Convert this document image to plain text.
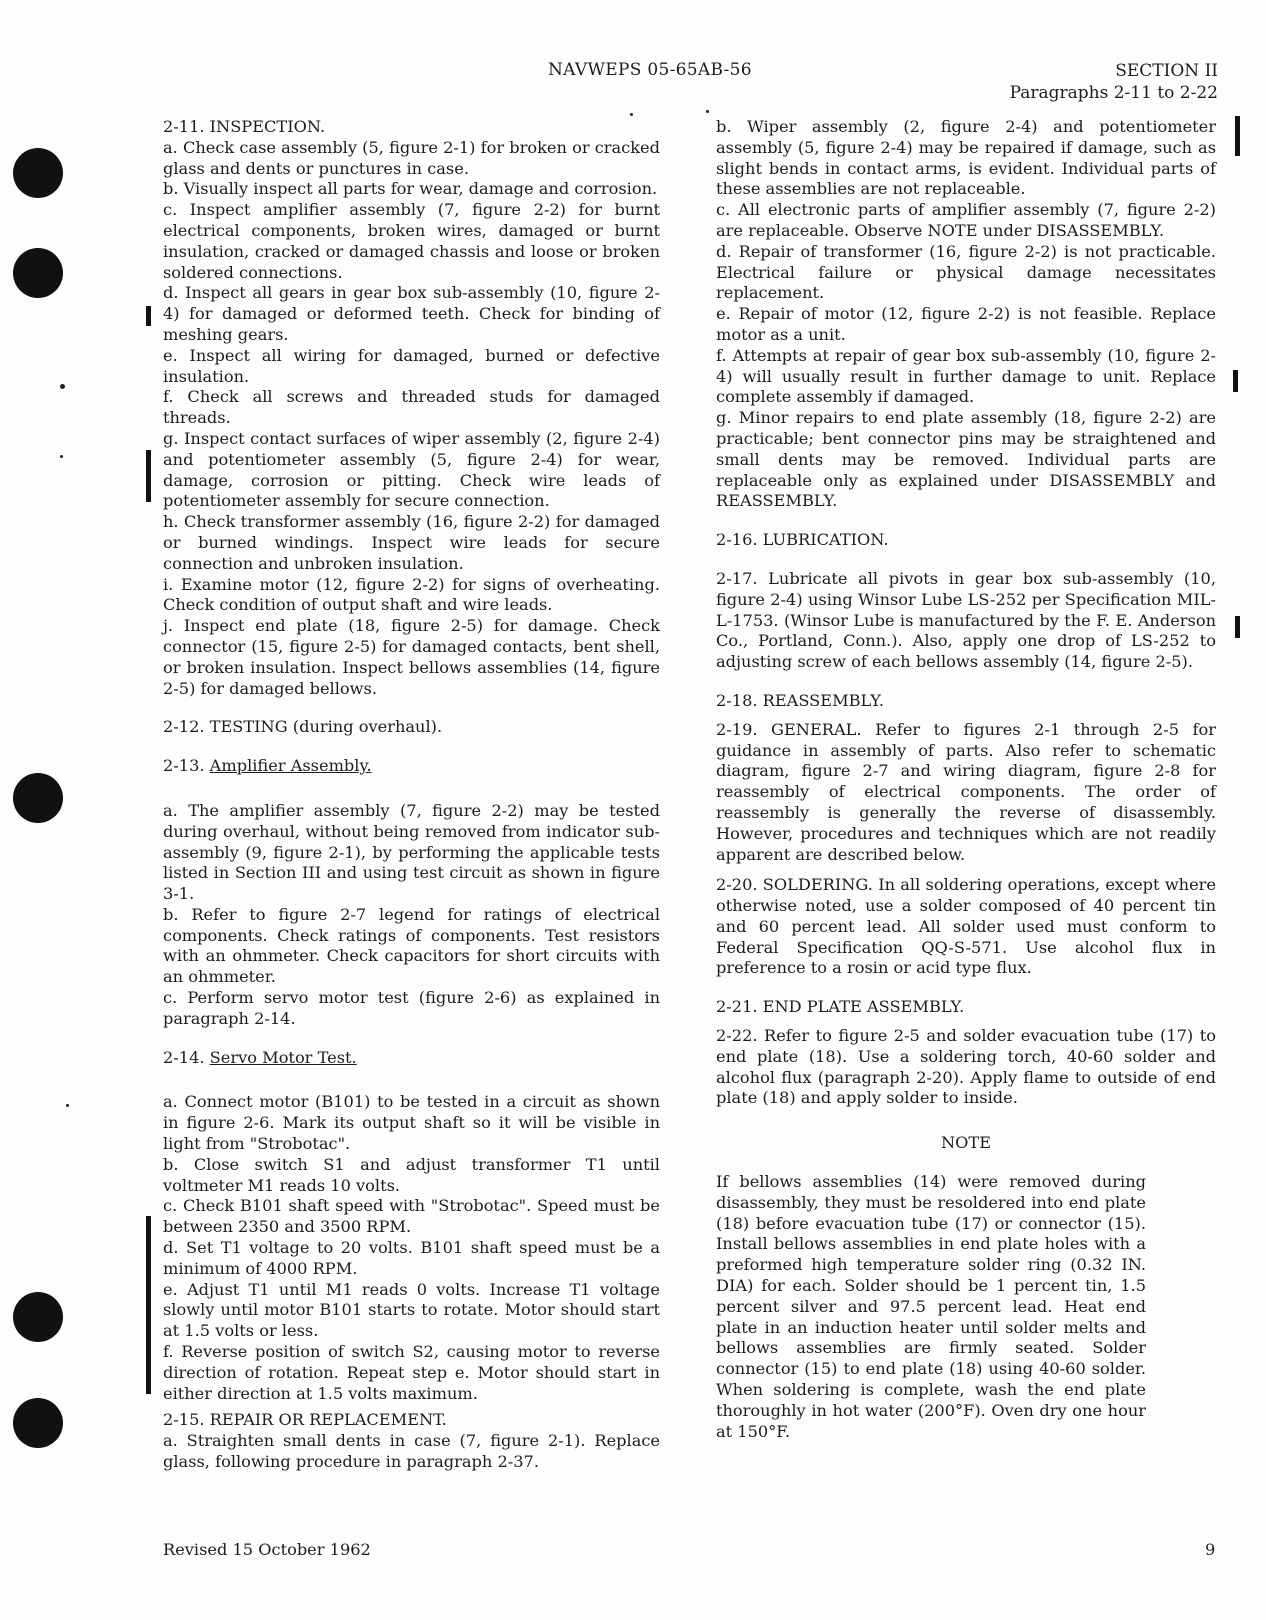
NAVWEPS 05-65AB-56	SECTION II
Paragraphs 2-11 to 2-22

2-11. INSPECTION.

a. Check case assembly (5, figure 2-1) for broken or cracked glass and dents or punctures in case.

b. Visually inspect all parts for wear, damage and corrosion.

c. Inspect amplifier assembly (7, figure 2-2) for burnt electrical components, broken wires, damaged or burnt insulation, cracked or damaged chassis and loose or broken soldered connections.

d. Inspect all gears in gear box sub-assembly (10, figure 2-4) for damaged or deformed teeth. Check for binding of meshing gears.

e. Inspect all wiring for damaged, burned or defective insulation.

f. Check all screws and threaded studs for damaged threads.

g. Inspect contact surfaces of wiper assembly (2, figure 2-4) and potentiometer assembly (5, figure 2-4) for wear, damage, corrosion or pitting. Check wire leads of potentiometer assembly for secure connection.

h. Check transformer assembly (16, figure 2-2) for damaged or burned windings. Inspect wire leads for secure connection and unbroken insulation.

i. Examine motor (12, figure 2-2) for signs of overheating. Check condition of output shaft and wire leads.

j. Inspect end plate (18, figure 2-5) for damage. Check connector (15, figure 2-5) for damaged contacts, bent shell, or broken insulation. Inspect bellows assemblies (14, figure 2-5) for damaged bellows.

2-12. TESTING (during overhaul).

2-13. Amplifier Assembly.

a. The amplifier assembly (7, figure 2-2) may be tested during overhaul, without being removed from indicator sub-assembly (9, figure 2-1), by performing the applicable tests listed in Section III and using test circuit as shown in figure 3-1.

b. Refer to figure 2-7 legend for ratings of electrical components. Check ratings of components. Test resistors with an ohmmeter. Check capacitors for short circuits with an ohmmeter.

c. Perform servo motor test (figure 2-6) as explained in paragraph 2-14.

2-14. Servo Motor Test.

a. Connect motor (B101) to be tested in a circuit as shown in figure 2-6. Mark its output shaft so it will be visible in light from "Strobotac".

b. Close switch S1 and adjust transformer T1 until voltmeter M1 reads 10 volts.

c. Check B101 shaft speed with "Strobotac". Speed must be between 2350 and 3500 RPM.

d. Set T1 voltage to 20 volts. B101 shaft speed must be a minimum of 4000 RPM.

e. Adjust T1 until M1 reads 0 volts. Increase T1 voltage slowly until motor B101 starts to rotate. Motor should start at 1.5 volts or less.

f. Reverse position of switch S2, causing motor to reverse direction of rotation. Repeat step e. Motor should start in either direction at 1.5 volts maximum.

2-15. REPAIR OR REPLACEMENT.

a. Straighten small dents in case (7, figure 2-1). Replace glass, following procedure in paragraph 2-37.

b. Wiper assembly (2, figure 2-4) and potentiometer assembly (5, figure 2-4) may be repaired if damage, such as slight bends in contact arms, is evident. Individual parts of these assemblies are not replaceable.

c. All electronic parts of amplifier assembly (7, figure 2-2) are replaceable. Observe NOTE under DISASSEMBLY.

d. Repair of transformer (16, figure 2-2) is not practicable. Electrical failure or physical damage necessitates replacement.

e. Repair of motor (12, figure 2-2) is not feasible. Replace motor as a unit.

f. Attempts at repair of gear box sub-assembly (10, figure 2-4) will usually result in further damage to unit. Replace complete assembly if damaged.

g. Minor repairs to end plate assembly (18, figure 2-2) are practicable; bent connector pins may be straightened and small dents may be removed. Individual parts are replaceable only as explained under DISASSEMBLY and REASSEMBLY.

2-16. LUBRICATION.

2-17. Lubricate all pivots in gear box sub-assembly (10, figure 2-4) using Winsor Lube LS-252 per Specification MIL-L-1753. (Winsor Lube is manufactured by the F. E. Anderson Co., Portland, Conn.). Also, apply one drop of LS-252 to adjusting screw of each bellows assembly (14, figure 2-5).

2-18. REASSEMBLY.

2-19. GENERAL. Refer to figures 2-1 through 2-5 for guidance in assembly of parts. Also refer to schematic diagram, figure 2-7 and wiring diagram, figure 2-8 for reassembly of electrical components. The order of reassembly is generally the reverse of disassembly. However, procedures and techniques which are not readily apparent are described below.

2-20. SOLDERING. In all soldering operations, except where otherwise noted, use a solder composed of 40 percent tin and 60 percent lead. All solder used must conform to Federal Specification QQ-S-571. Use alcohol flux in preference to a rosin or acid type flux.

2-21. END PLATE ASSEMBLY.

2-22. Refer to figure 2-5 and solder evacuation tube (17) to end plate (18). Use a soldering torch, 40-60 solder and alcohol flux (paragraph 2-20). Apply flame to outside of end plate (18) and apply solder to inside.

NOTE

If bellows assemblies (14) were removed during disassembly, they must be resoldered into end plate (18) before evacuation tube (17) or connector (15). Install bellows assemblies in end plate holes with a preformed high temperature solder ring (0.32 IN. DIA) for each. Solder should be 1 percent tin, 1.5 percent silver and 97.5 percent lead. Heat end plate in an induction heater until solder melts and bellows assemblies are firmly seated. Solder connector (15) to end plate (18) using 40-60 solder. When soldering is complete, wash the end plate thoroughly in hot water (200°F). Oven dry one hour at 150°F.

Revised 15 October 1962	9
